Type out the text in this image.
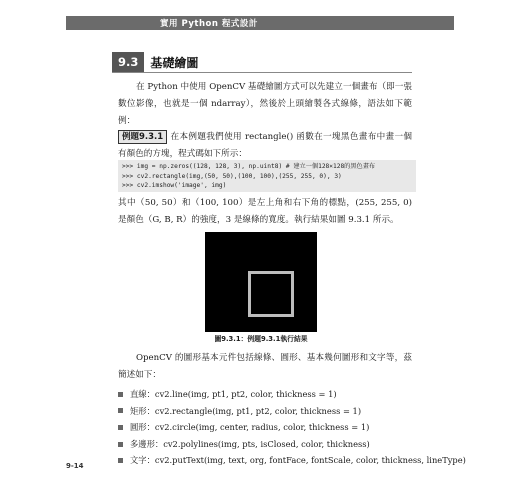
實用 Python 程式設計
9.3	基礎繪圖
在 Python 中使用 OpenCV 基礎繪圖方式可以先建立一個畫布（即一張數位影像，也就是一個 ndarray），然後於上頭繪製各式線條，語法如下範例：
例題9.3.1 在本例題我們使用 rectangle() 函數在一塊黑色畫布中畫一個有顏色的方塊，程式碼如下所示：
>>> img = np.zeros((128, 128, 3), np.uint8) # 建立一個128×128的黑色畫布
>>> cv2.rectangle(img,(50, 50),(100, 100),(255, 255, 0), 3)
>>> cv2.imshow('image', img)
其中（50, 50）和（100, 100）是左上角和右下角的標點，(255, 255, 0) 是顏色（G, B, R）的強度，3 是線條的寬度。執行結果如圖 9.3.1 所示。
圖9.3.1：例題9.3.1執行結果
OpenCV 的圖形基本元件包括線條、圓形、基本幾何圖形和文字等，茲簡述如下：
直線 ： cv2.line(img, pt1, pt2, color, thickness = 1)
矩形 ： cv2.rectangle(img, pt1, pt2, color, thickness = 1)
圓形 ： cv2.circle(img, center, radius, color, thickness = 1)
多邊形 ： cv2.polylines(img, pts, isClosed, color, thickness)
文字 ： cv2.putText(img, text, org, fontFace, fontScale, color, thickness, lineType)
9-14
